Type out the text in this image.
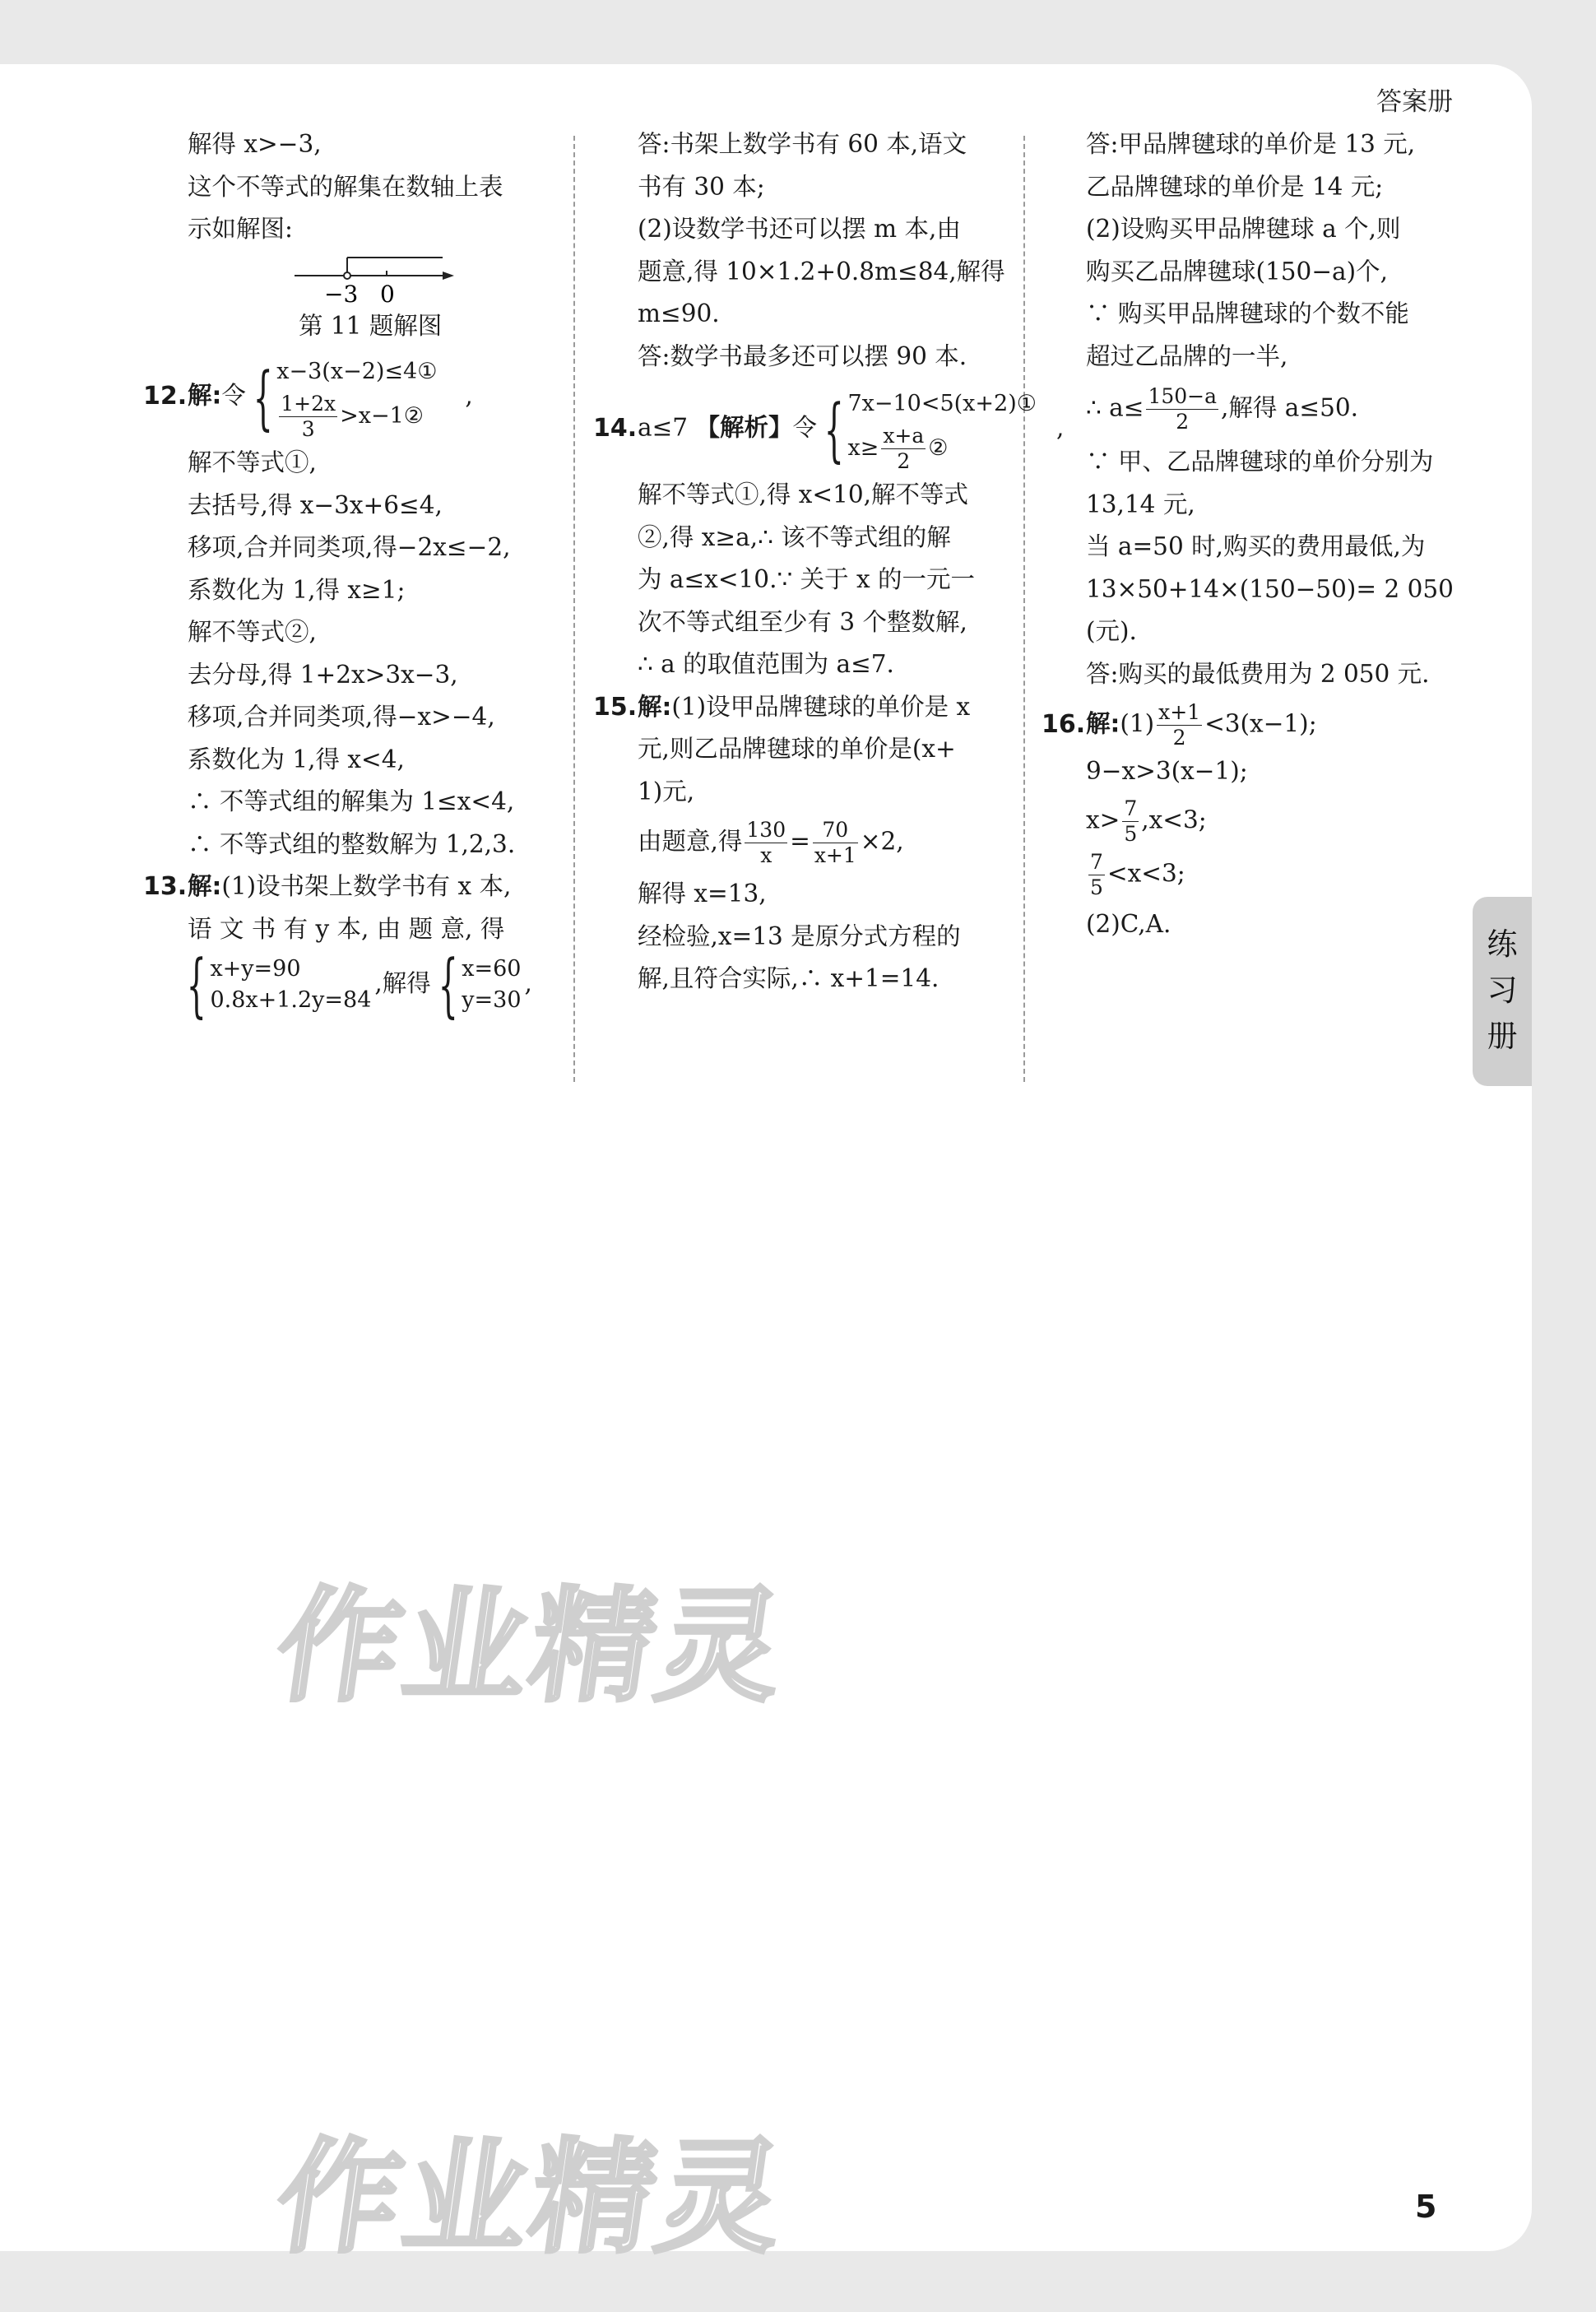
答案册
解得 x>−3,
这个不等式的解集在数轴上表
示如解图:
−3 0
第 11 题解图
12.解:令 { x−3(x−2)≤4①
$\frac{1+2x}{3}$ >x−1②
,
解不等式①,
去括号,得 x−3x+6≤4,
移项,合并同类项,得−2x≤−2,
系数化为 1,得 x≥1;
解不等式②,
去分母,得 1+2x>3x−3,
移项,合并同类项,得−x>−4,
系数化为 1,得 x<4,
∴ 不等式组的解集为 1≤x<4,
∴ 不等式组的整数解为 1,2,3.
13.解:(1)设书架上数学书有 x 本,
语 文 书 有 y 本, 由 题 意, 得
{ x+y=90
0.8x+1.2y=84
,解得 { x=60
y=30
,
答:书架上数学书有 60 本,语文
书有 30 本;
(2)设数学书还可以摆 m 本,由
题意,得 10×1.2+0.8m≤84,解得
m≤90.
答:数学书最多还可以摆 90 本.
14.a≤7 【解析】令 { 7x−10<5(x+2)①
$x\ge \frac{x+a}{2}$ ②
,
解不等式①,得 x<10,解不等式
②,得 x≥a,∴ 该不等式组的解
为 a≤x<10.∵ 关于 x 的一元一
次不等式组至少有 3 个整数解,
∴ a 的取值范围为 a≤7.
15.解:(1)设甲品牌毽球的单价是 x
元,则乙品牌毽球的单价是(x+
1)元,
由题意,得 $\frac{130}{x} = \frac{70}{x+1} \times 2$,
解得 x=13,
经检验,x=13 是原分式方程的
解,且符合实际,∴ x+1=14.
答:甲品牌毽球的单价是 13 元,
乙品牌毽球的单价是 14 元;
(2)设购买甲品牌毽球 a 个,则
购买乙品牌毽球(150−a)个,
∵ 购买甲品牌毽球的个数不能
超过乙品牌的一半,
∴ $a\le \frac{150-a}{2}$ ,解得 a≤50.
∵ 甲、乙品牌毽球的单价分别为
13,14 元,
当 a=50 时,购买的费用最低,为
13×50+14×(150−50)= 2 050
(元).
答:购买的最低费用为 2 050 元.
16.解:(1) $\frac{x+1}{2} <3(x-1)$;
9−x>3(x−1);
$x> \frac{7}{5} ,x<3$;
$\frac{7}{5} <x<3$;
(2)C,A.
练
习
册
作业精灵
作业精灵	5
